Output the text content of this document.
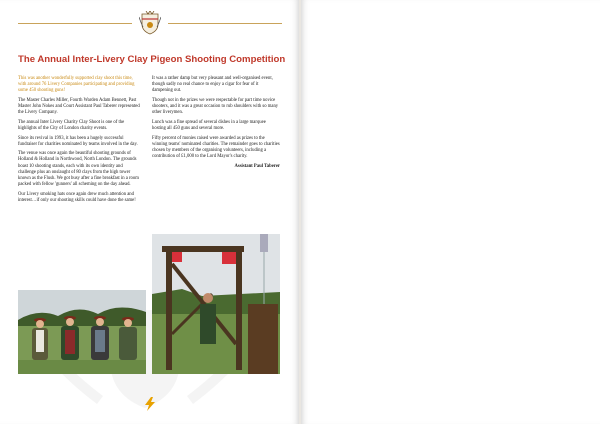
The Annual Inter-Livery Clay Pigeon Shooting Competition

This was another wonderfully supported clay shoot this time, with around 76 Livery Companies participating and providing some 450 shooting guns!

The Master Charles Miller, Fourth Warden Adam Bennett, Past Master John Nokes and Court Assistant Paul Taberer represented the Livery Company.

The annual Inter Livery Charity Clay Shoot is one of the highlights of the City of London charity events.

Since its revival in 1993, it has been a hugely successful fundraiser for charities nominated by teams involved in the day.

The venue was once again the beautiful shooting grounds of Holland & Holland in Northwood, North London. The grounds boast 10 shooting stands, each with its own identity and challenge plus an onslaught of 80 clays from the high tower known as the Flush. We got busy after a fine breakfast in a room packed with fellow 'gunners' all scheming on the day ahead.

Our Livery smoking hats once again drew much attention and interest…if only our shooting skills could have done the same!

It was a rather damp but very pleasant and well-organised event, though sadly no real chance to enjoy a cigar for fear of it dampening out.

Though not in the prizes we were respectable for part time novice shooters, and it was a great occasion to rub shoulders with so many other liverymen.

Lunch was a fine spread of several dishes in a large marquee hosting all 450 guns and several more.

Fifty percent of monies raised were awarded as prizes to the winning teams' nominated charities. The remainder goes to charities chosen by members of the organising volunteers, including a contribution of £1,000 to the Lord Mayor's charity.

Assistant Paul Taberer
